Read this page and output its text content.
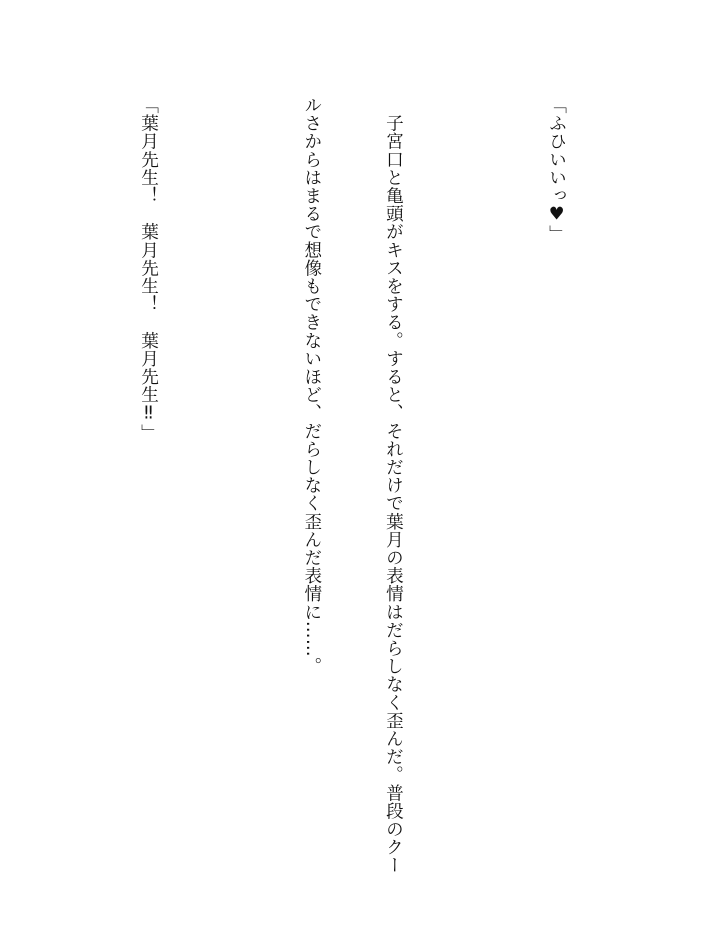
「ふひいいっ♥」

　子宮口と亀頭がキスをする。すると、それだけで葉月の表情はだらしなく歪んだ。普段のクー

ルさからはまるで想像もできないほど、だらしなく歪んだ表情に……。

「葉月先生！　葉月先生！　葉月先生‼」
